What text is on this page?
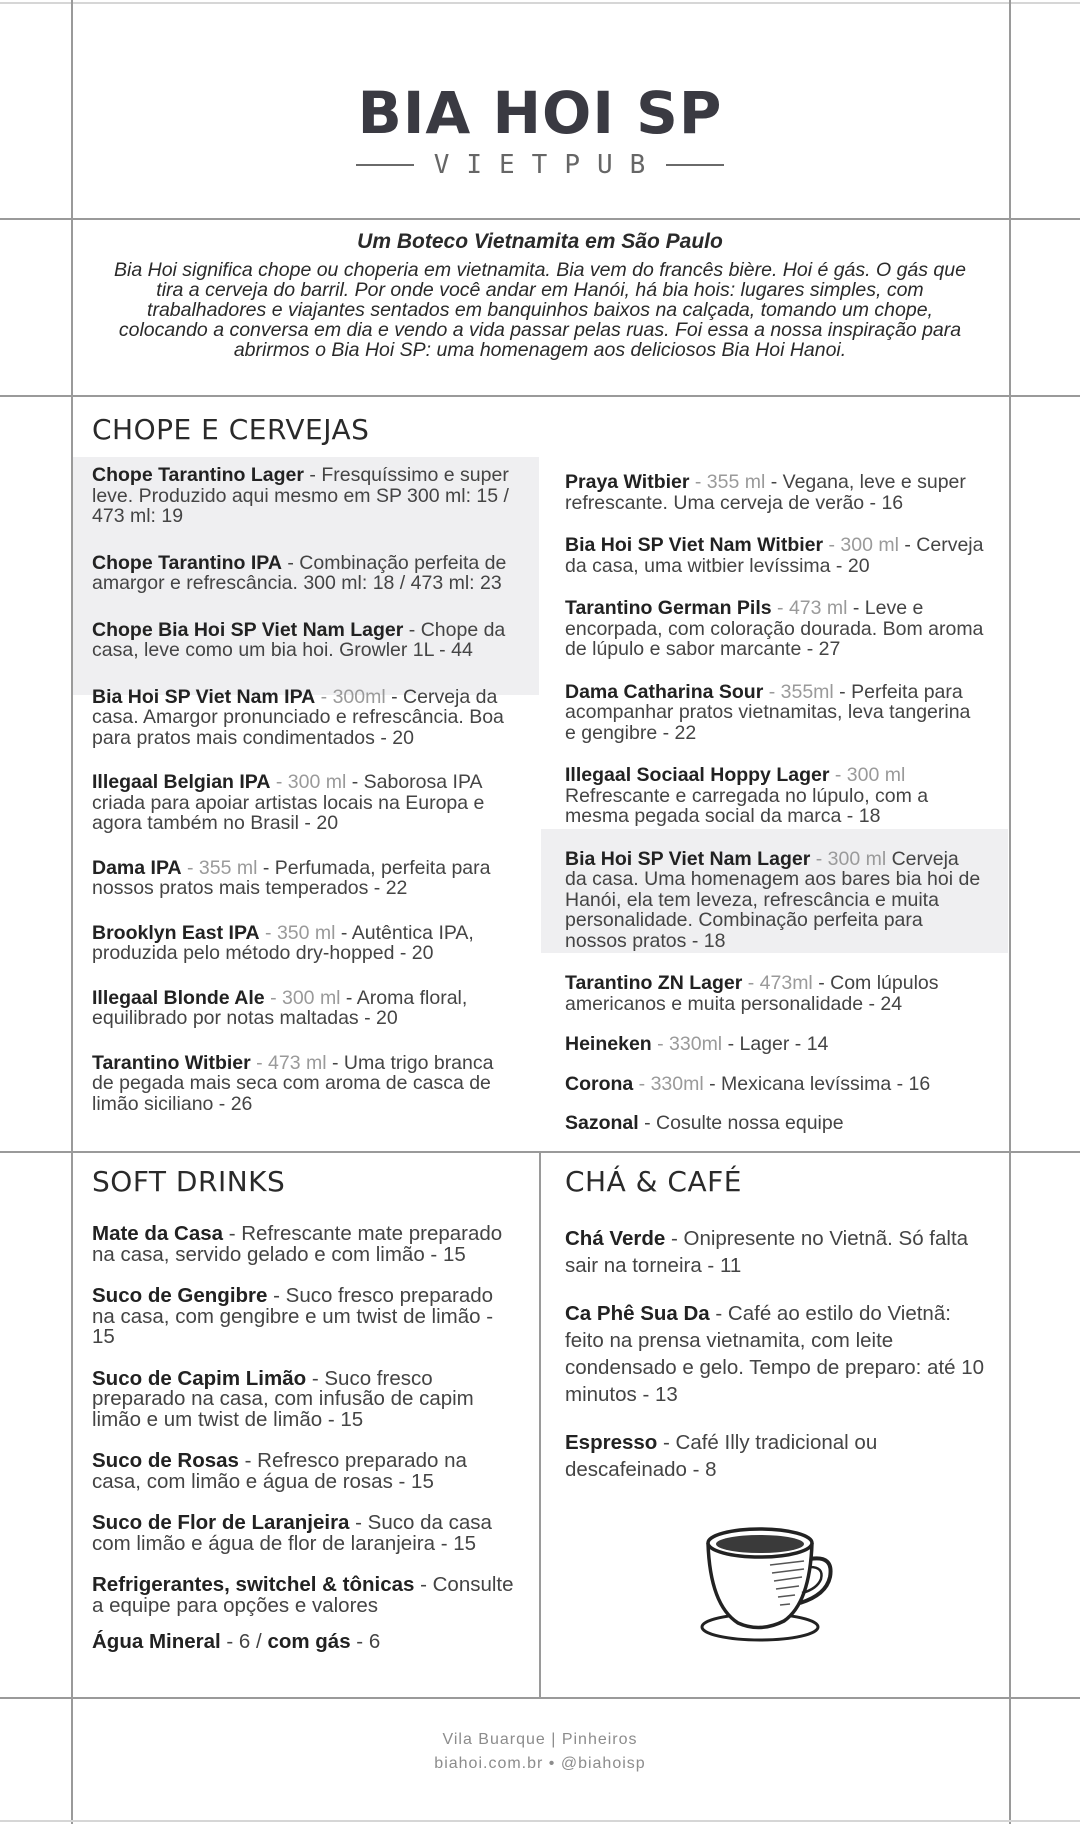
BIA HOI SP
VIETPUB
Um Boteco Vietnamita em São Paulo
Bia Hoi significa chope ou choperia em vietnamita. Bia vem do francês bière. Hoi é gás. O gás que tira a cerveja do barril. Por onde você andar em Hanói, há bia hois: lugares simples, com trabalhadores e viajantes sentados em banquinhos baixos na calçada, tomando um chope, colocando a conversa em dia e vendo a vida passar pelas ruas. Foi essa a nossa inspiração para abrirmos o Bia Hoi SP: uma homenagem aos deliciosos Bia Hoi Hanoi.
CHOPE E CERVEJAS
Chope Tarantino Lager - Fresquíssimo e super leve. Produzido aqui mesmo em SP 300 ml: 15 / 473 ml: 19
Chope Tarantino IPA - Combinação perfeita de amargor e refrescância. 300 ml: 18 / 473 ml: 23
Chope Bia Hoi SP Viet Nam Lager - Chope da casa, leve como um bia hoi. Growler 1L - 44
Bia Hoi SP Viet Nam IPA - 300ml - Cerveja da casa. Amargor pronunciado e refrescância. Boa para pratos mais condimentados - 20
Illegaal Belgian IPA - 300 ml - Saborosa IPA criada para apoiar artistas locais na Europa e agora também no Brasil - 20
Dama IPA - 355 ml - Perfumada, perfeita para nossos pratos mais temperados - 22
Brooklyn East IPA - 350 ml - Autêntica IPA, produzida pelo método dry-hopped - 20
Illegaal Blonde Ale - 300 ml - Aroma floral, equilibrado por notas maltadas - 20
Tarantino Witbier - 473 ml - Uma trigo branca de pegada mais seca com aroma de casca de limão siciliano - 26
Praya Witbier - 355 ml - Vegana, leve e super refrescante. Uma cerveja de verão - 16
Bia Hoi SP Viet Nam Witbier - 300 ml - Cerveja da casa, uma witbier levíssima - 20
Tarantino German Pils - 473 ml - Leve e encorpada, com coloração dourada. Bom aroma de lúpulo e sabor marcante - 27
Dama Catharina Sour - 355ml - Perfeita para acompanhar pratos vietnamitas, leva tangerina e gengibre - 22
Illegaal Sociaal Hoppy Lager - 300 ml Refrescante e carregada no lúpulo, com a mesma pegada social da marca - 18
Bia Hoi SP Viet Nam Lager - 300 ml Cerveja da casa. Uma homenagem aos bares bia hoi de Hanói, ela tem leveza, refrescância e muita personalidade. Combinação perfeita para nossos pratos - 18
Tarantino ZN Lager - 473ml - Com lúpulos americanos e muita personalidade - 24
Heineken - 330ml - Lager - 14
Corona - 330ml - Mexicana levíssima - 16
Sazonal - Cosulte nossa equipe
SOFT DRINKS
Mate da Casa - Refrescante mate preparado na casa, servido gelado e com limão - 15
Suco de Gengibre - Suco fresco preparado na casa, com gengibre e um twist de limão - 15
Suco de Capim Limão - Suco fresco preparado na casa, com infusão de capim limão e um twist de limão - 15
Suco de Rosas - Refresco preparado na casa, com limão e água de rosas - 15
Suco de Flor de Laranjeira - Suco da casa com limão e água de flor de laranjeira - 15
Refrigerantes, switchel & tônicas - Consulte a equipe para opções e valores
Água Mineral - 6 / com gás - 6
CHÁ & CAFÉ
Chá Verde - Onipresente no Vietnã. Só falta sair na torneira - 11
Ca Phê Sua Da - Café ao estilo do Vietnã: feito na prensa vietnamita, com leite condensado e gelo. Tempo de preparo: até 10 minutos - 13
Espresso - Café Illy tradicional ou descafeinado - 8
Vila Buarque | Pinheiros
biahoi.com.br • @biahoisp
